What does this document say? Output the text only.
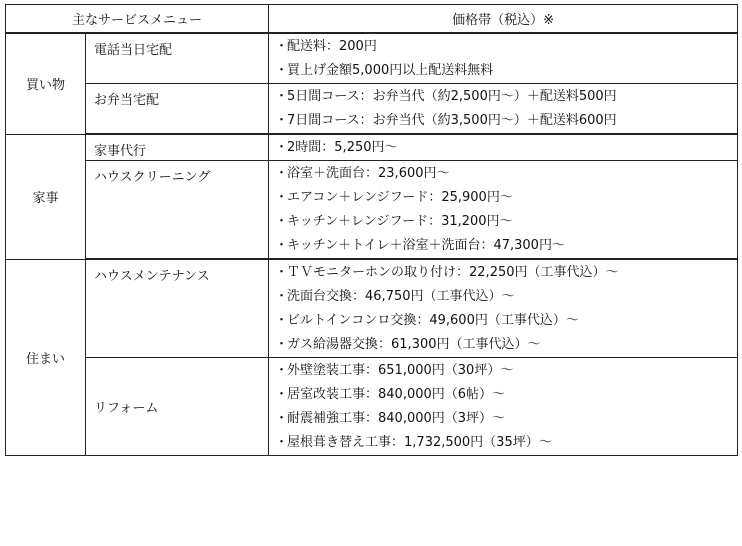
主なサービスメニュー		価格帯（税込）※
買い物	電話当日宅配	・配送料：200円
・買上げ金額5,000円以上配送料無料

	お弁当宅配	・5日間コース：お弁当代（約2,500円～）＋配送料500円
・7日間コース：お弁当代（約3,500円～）＋配送料600円

家事	家事代行	・2時間：5,250円～

	ハウスクリーニング	・浴室＋洗面台：23,600円～
・エアコン＋レンジフード：25,900円～
・キッチン＋レンジフード：31,200円～
・キッチン＋トイレ＋浴室＋洗面台：47,300円～

住まい	ハウスメンテナンス	・ＴＶモニターホンの取り付け：22,250円（工事代込）～
・洗面台交換：46,750円（工事代込）～
・ビルトインコンロ交換：49,600円（工事代込）～
・ガス給湯器交換：61,300円（工事代込）～

	リフォーム	・外壁塗装工事：651,000円（30坪）～
・居室改装工事：840,000円（6帖）～
・耐震補強工事：840,000円（3坪）～
・屋根葺き替え工事：1,732,500円（35坪）～
